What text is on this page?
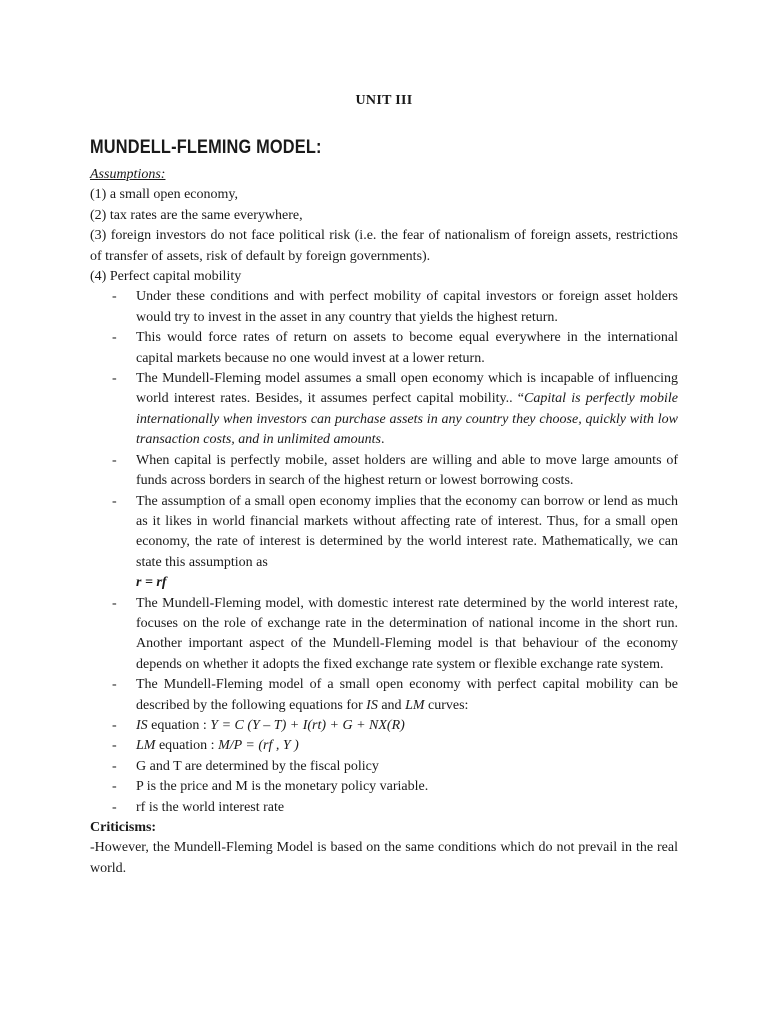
UNIT III
MUNDELL-FLEMING MODEL:

Assumptions:

(1) a small open economy,

(2) tax rates are the same everywhere,

(3) foreign investors do not face political risk (i.e. the fear of nationalism of foreign assets, restrictions of transfer of assets, risk of default by foreign governments).

(4) Perfect capital mobility

- Under these conditions and with perfect mobility of capital investors or foreign asset holders would try to invest in the asset in any country that yields the highest return.
- This would force rates of return on assets to become equal everywhere in the international capital markets because no one would invest at a lower return.
- The Mundell-Fleming model assumes a small open economy which is incapable of influencing world interest rates. Besides, it assumes perfect capital mobility.. “Capital is perfectly mobile internationally when investors can purchase assets in any country they choose, quickly with low transaction costs, and in unlimited amounts.
- When capital is perfectly mobile, asset holders are willing and able to move large amounts of funds across borders in search of the highest return or lowest borrowing costs.
- The assumption of a small open economy implies that the economy can borrow or lend as much as it likes in world financial markets without affecting rate of interest. Thus, for a small open economy, the rate of interest is determined by the world interest rate. Mathematically, we can state this assumption as
r = rf
- The Mundell-Fleming model, with domestic interest rate determined by the world interest rate, focuses on the role of exchange rate in the determination of national income in the short run. Another important aspect of the Mundell-Fleming model is that behaviour of the economy depends on whether it adopts the fixed exchange rate system or flexible exchange rate system.
- The Mundell-Fleming model of a small open economy with perfect capital mobility can be described by the following equations for IS and LM curves:
- IS equation : Y = C (Y – T) + I(rt) + G + NX(R)
- LM equation : M/P = (rf , Y )
- G and T are determined by the fiscal policy
- P is the price and M is the monetary policy variable.
- rf is the world interest rate

Criticisms:

-However, the Mundell-Fleming Model is based on the same conditions which do not prevail in the real world.
